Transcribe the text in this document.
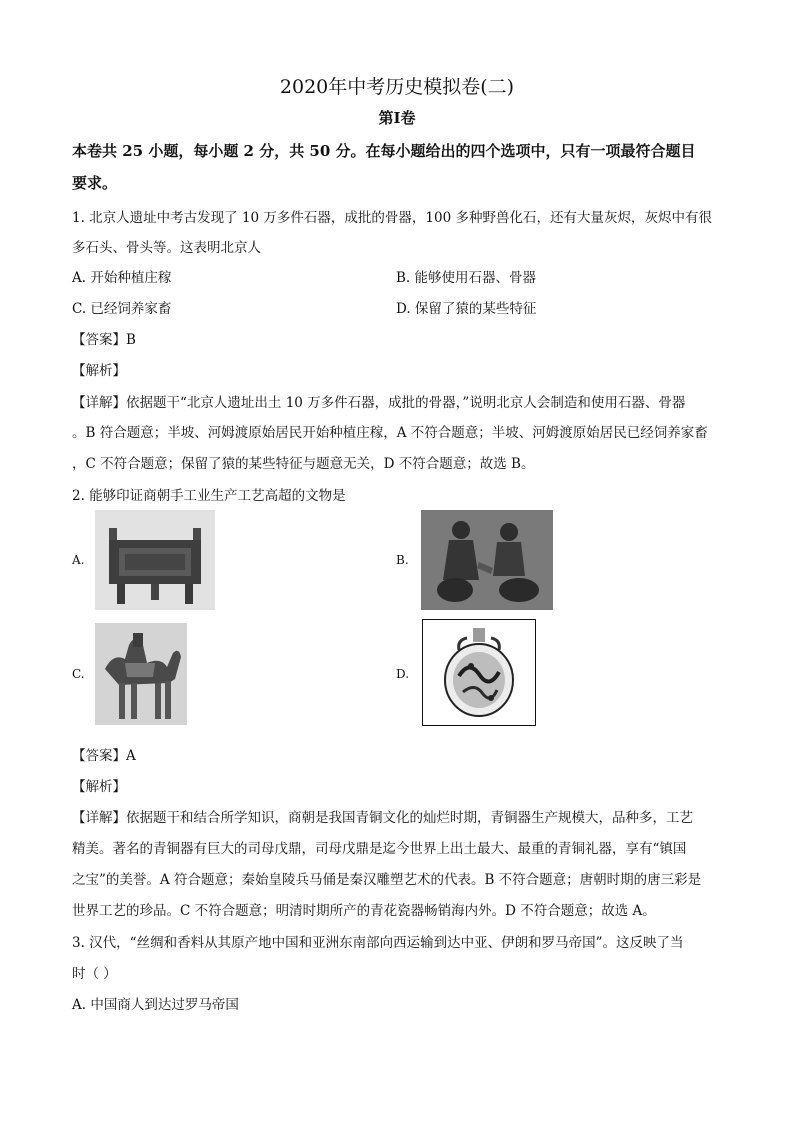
2020年中考历史模拟卷(二)
第I卷
本卷共 25 小题，每小题 2 分，共 50 分。在每小题给出的四个选项中，只有一项最符合题目
要求。
1. 北京人遗址中考古发现了 10 万多件石器，成批的骨器，100 多种野兽化石，还有大量灰烬，灰烬中有很
多石头、骨头等。这表明北京人
A. 开始种植庄稼	B. 能够使用石器、骨器
C. 已经饲养家畜	D. 保留了猿的某些特征
【答案】B
【解析】
【详解】依据题干“北京人遗址出土 10 万多件石器，成批的骨器，”说明北京人会制造和使用石器、骨器
。B 符合题意；半坡、河姆渡原始居民开始种植庄稼，A 不符合题意；半坡、河姆渡原始居民已经饲养家畜
，C 不符合题意；保留了猿的某些特征与题意无关，D 不符合题意；故选 B。
2. 能够印证商朝手工业生产工艺高超的文物是
A.	B.
C.	D.
【答案】A
【解析】
【详解】依据题干和结合所学知识，商朝是我国青铜文化的灿烂时期，青铜器生产规模大，品种多，工艺
精美。著名的青铜器有巨大的司母戊鼎，司母戊鼎是迄今世界上出土最大、最重的青铜礼器，享有“镇国
之宝”的美誉。A 符合题意；秦始皇陵兵马俑是秦汉雕塑艺术的代表。B 不符合题意；唐朝时期的唐三彩是
世界工艺的珍品。C 不符合题意；明清时期所产的青花瓷器畅销海内外。D 不符合题意；故选 A。
3. 汉代，“丝绸和香料从其原产地中国和亚洲东南部向西运输到达中亚、伊朗和罗马帝国”。这反映了当
时（ ）
A. 中国商人到达过罗马帝国
